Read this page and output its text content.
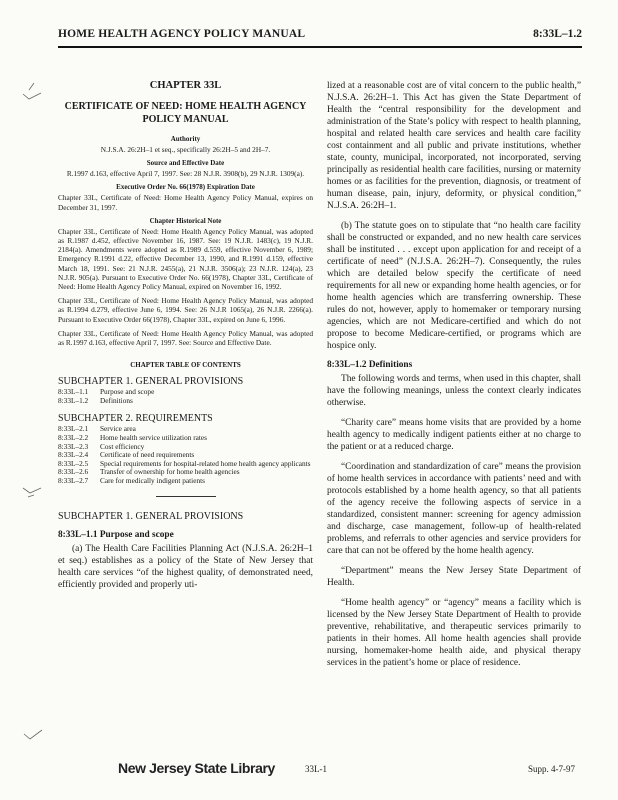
HOME HEALTH AGENCY POLICY MANUAL	8:33L–1.2
CHAPTER 33L
CERTIFICATE OF NEED: HOME HEALTH AGENCY POLICY MANUAL
Authority
N.J.S.A. 26:2H–1 et seq., specifically 26:2H–5 and 2H–7.
Source and Effective Date
R.1997 d.163, effective April 7, 1997. See: 28 N.J.R. 3908(b), 29 N.J.R. 1309(a).
Executive Order No. 66(1978) Expiration Date
Chapter 33L, Certificate of Need: Home Health Agency Policy Manual, expires on December 31, 1997.
Chapter Historical Note
Chapter 33L, Certificate of Need: Home Health Agency Policy Manual, was adopted as R.1987 d.452, effective November 16, 1987. See: 19 N.J.R. 1483(c), 19 N.J.R. 2184(a). Amendments were adopted as R.1989 d.559, effective November 6, 1989; Emergency R.1991 d.22, effective December 13, 1990, and R.1991 d.159, effective March 18, 1991. See: 21 N.J.R. 2455(a), 21 N.J.R. 3506(a); 23 N.J.R. 124(a), 23 N.J.R. 905(a). Pursuant to Executive Order No. 66(1978), Chapter 33L, Certificate of Need: Home Health Agency Policy Manual, expired on November 16, 1992.
Chapter 33L, Certificate of Need: Home Health Agency Policy Manual, was adopted as R.1994 d.279, effective June 6, 1994. See: 26 N.J.R 1065(a), 26 N.J.R. 2266(a). Pursuant to Executive Order 66(1978), Chapter 33L, expired on June 6, 1996.
Chapter 33L, Certificate of Need: Home Health Agency Policy Manual, was adopted as R.1997 d.163, effective April 7, 1997. See: Source and Effective Date.
CHAPTER TABLE OF CONTENTS
SUBCHAPTER 1. GENERAL PROVISIONS
8:33L–1.1	Purpose and scope
8:33L–1.2	Definitions
SUBCHAPTER 2. REQUIREMENTS
8:33L–2.1	Service area
8:33L–2.2	Home health service utilization rates
8:33L–2.3	Cost efficiency
8:33L–2.4	Certificate of need requirements
8:33L–2.5	Special requirements for hospital-related home health agency applicants
8:33L–2.6	Transfer of ownership for home health agencies
8:33L–2.7	Care for medically indigent patients
SUBCHAPTER 1. GENERAL PROVISIONS
8:33L–1.1 Purpose and scope
(a) The Health Care Facilities Planning Act (N.J.S.A. 26:2H–1 et seq.) establishes as a policy of the State of New Jersey that health care services “of the highest quality, of demonstrated need, efficiently provided and properly uti-
lized at a reasonable cost are of vital concern to the public health,” N.J.S.A. 26:2H–1. This Act has given the State Department of Health the “central responsibility for the development and administration of the State’s policy with respect to health planning, hospital and related health care services and health care facility cost containment and all public and private institutions, whether state, county, municipal, incorporated, not incorporated, serving principally as residential health care facilities, nursing or maternity homes or as facilities for the prevention, diagnosis, or treatment of human disease, pain, injury, deformity, or physical condition,” N.J.S.A. 26:2H–1.
(b) The statute goes on to stipulate that “no health care facility shall be constructed or expanded, and no new health care services shall be instituted . . . except upon application for and receipt of a certificate of need” (N.J.S.A. 26:2H–7). Consequently, the rules which are detailed below specify the certificate of need requirements for all new or expanding home health agencies, or for home health agencies which are transferring ownership. These rules do not, however, apply to homemaker or temporary nursing agencies, which are not Medicare-certified and which do not propose to become Medicare-certified, or programs which are hospice only.
8:33L–1.2 Definitions
The following words and terms, when used in this chapter, shall have the following meanings, unless the context clearly indicates otherwise.
“Charity care” means home visits that are provided by a home health agency to medically indigent patients either at no charge to the patient or at a reduced charge.
“Coordination and standardization of care” means the provision of home health services in accordance with patients’ need and with protocols established by a home health agency, so that all patients of the agency receive the following aspects of service in a standardized, consistent manner: screening for agency admission and discharge, case management, follow-up of health-related problems, and referrals to other agencies and service providers for care that can not be offered by the home health agency.
“Department” means the New Jersey State Department of Health.
“Home health agency” or “agency” means a facility which is licensed by the New Jersey State Department of Health to provide preventive, rehabilitative, and therapeutic services primarily to patients in their homes. All home health agencies shall provide nursing, homemaker-home health aide, and physical therapy services in the patient’s home or place of residence.
New Jersey State Library	33L-1	Supp. 4-7-97
